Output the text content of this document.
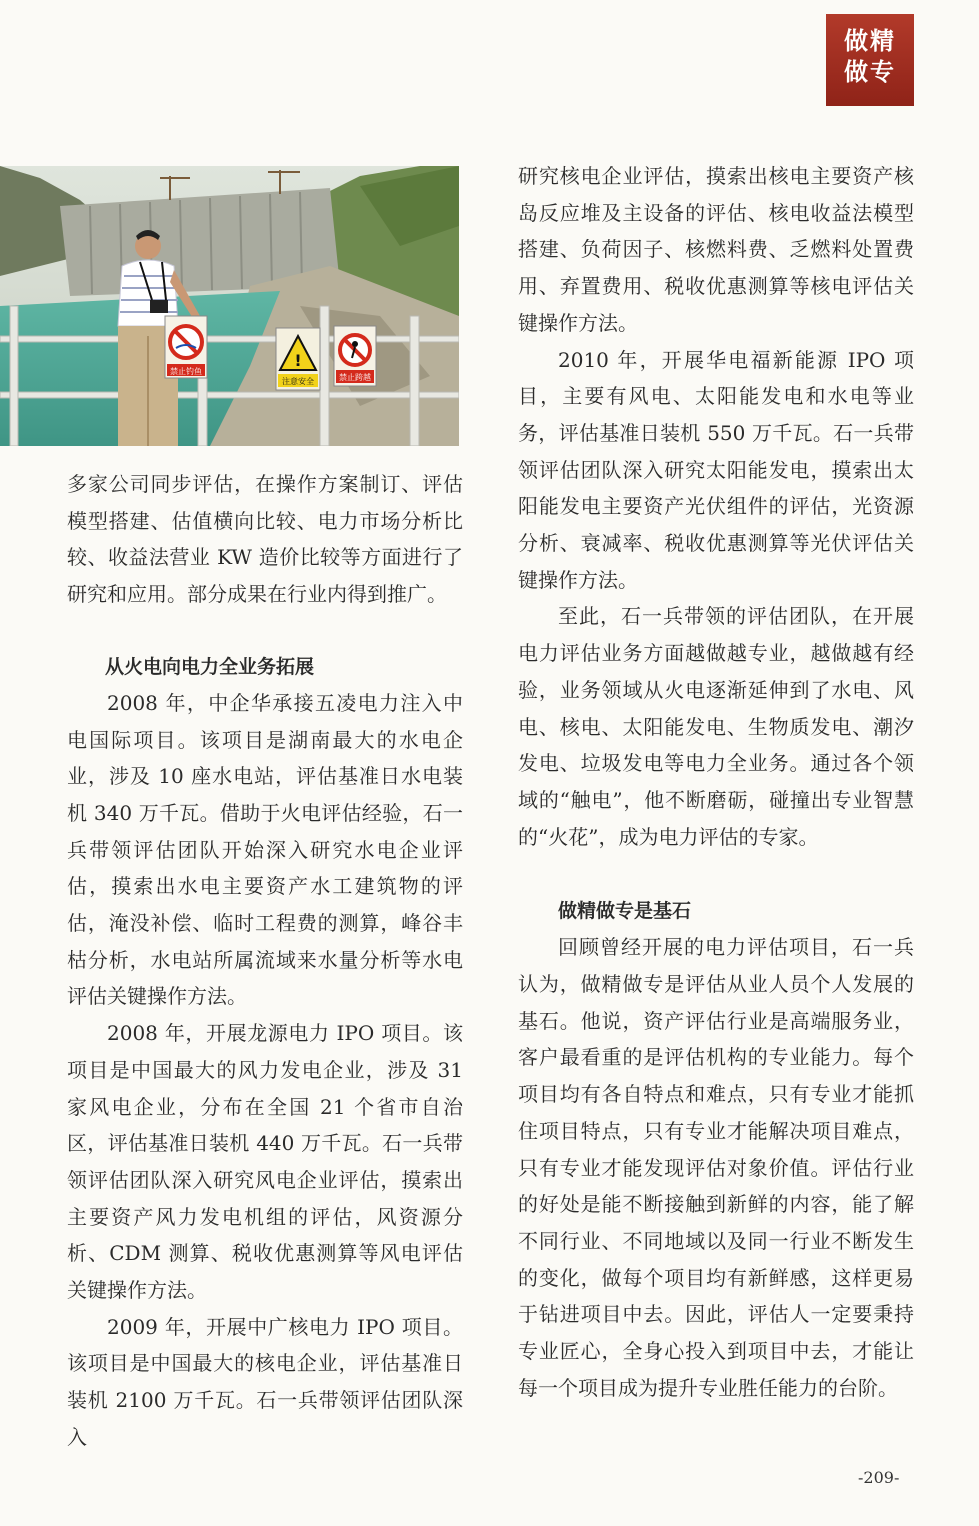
做精
做专
禁止钓鱼
!
注意安全	禁止跨越

多家公司同步评估，在操作方案制订、评估模型搭建、估值横向比较、电力市场分析比较、收益法营业 KW 造价比较等方面进行了研究和应用。部分成果在行业内得到推广。

从火电向电力全业务拓展

2008 年，中企华承接五凌电力注入中电国际项目。该项目是湖南最大的水电企业，涉及 10 座水电站，评估基准日水电装机 340 万千瓦。借助于火电评估经验，石一兵带领评估团队开始深入研究水电企业评估，摸索出水电主要资产水工建筑物的评估，淹没补偿、临时工程费的测算，峰谷丰枯分析，水电站所属流域来水量分析等水电评估关键操作方法。

2008 年，开展龙源电力 IPO 项目。该项目是中国最大的风力发电企业，涉及 31 家风电企业，分布在全国 21 个省市自治区，评估基准日装机 440 万千瓦。石一兵带领评估团队深入研究风电企业评估，摸索出主要资产风力发电机组的评估，风资源分析、CDM 测算、税收优惠测算等风电评估关键操作方法。

2009 年，开展中广核电力 IPO 项目。该项目是中国最大的核电企业，评估基准日装机 2100 万千瓦。石一兵带领评估团队深入

研究核电企业评估，摸索出核电主要资产核岛反应堆及主设备的评估、核电收益法模型搭建、负荷因子、核燃料费、乏燃料处置费用、弃置费用、税收优惠测算等核电评估关键操作方法。

2010 年，开展华电福新能源 IPO 项目，主要有风电、太阳能发电和水电等业务，评估基准日装机 550 万千瓦。石一兵带领评估团队深入研究太阳能发电，摸索出太阳能发电主要资产光伏组件的评估，光资源分析、衰减率、税收优惠测算等光伏评估关键操作方法。

至此，石一兵带领的评估团队，在开展电力评估业务方面越做越专业，越做越有经验，业务领域从火电逐渐延伸到了水电、风电、核电、太阳能发电、生物质发电、潮汐发电、垃圾发电等电力全业务。通过各个领域的“触电”，他不断磨砺，碰撞出专业智慧的“火花”，成为电力评估的专家。

做精做专是基石

回顾曾经开展的电力评估项目，石一兵认为，做精做专是评估从业人员个人发展的基石。他说，资产评估行业是高端服务业，客户最看重的是评估机构的专业能力。每个项目均有各自特点和难点，只有专业才能抓住项目特点，只有专业才能解决项目难点，只有专业才能发现评估对象价值。评估行业的好处是能不断接触到新鲜的内容，能了解不同行业、不同地域以及同一行业不断发生的变化，做每个项目均有新鲜感，这样更易于钻进项目中去。因此，评估人一定要秉持专业匠心，全身心投入到项目中去，才能让每一个项目成为提升专业胜任能力的台阶。

-209-
